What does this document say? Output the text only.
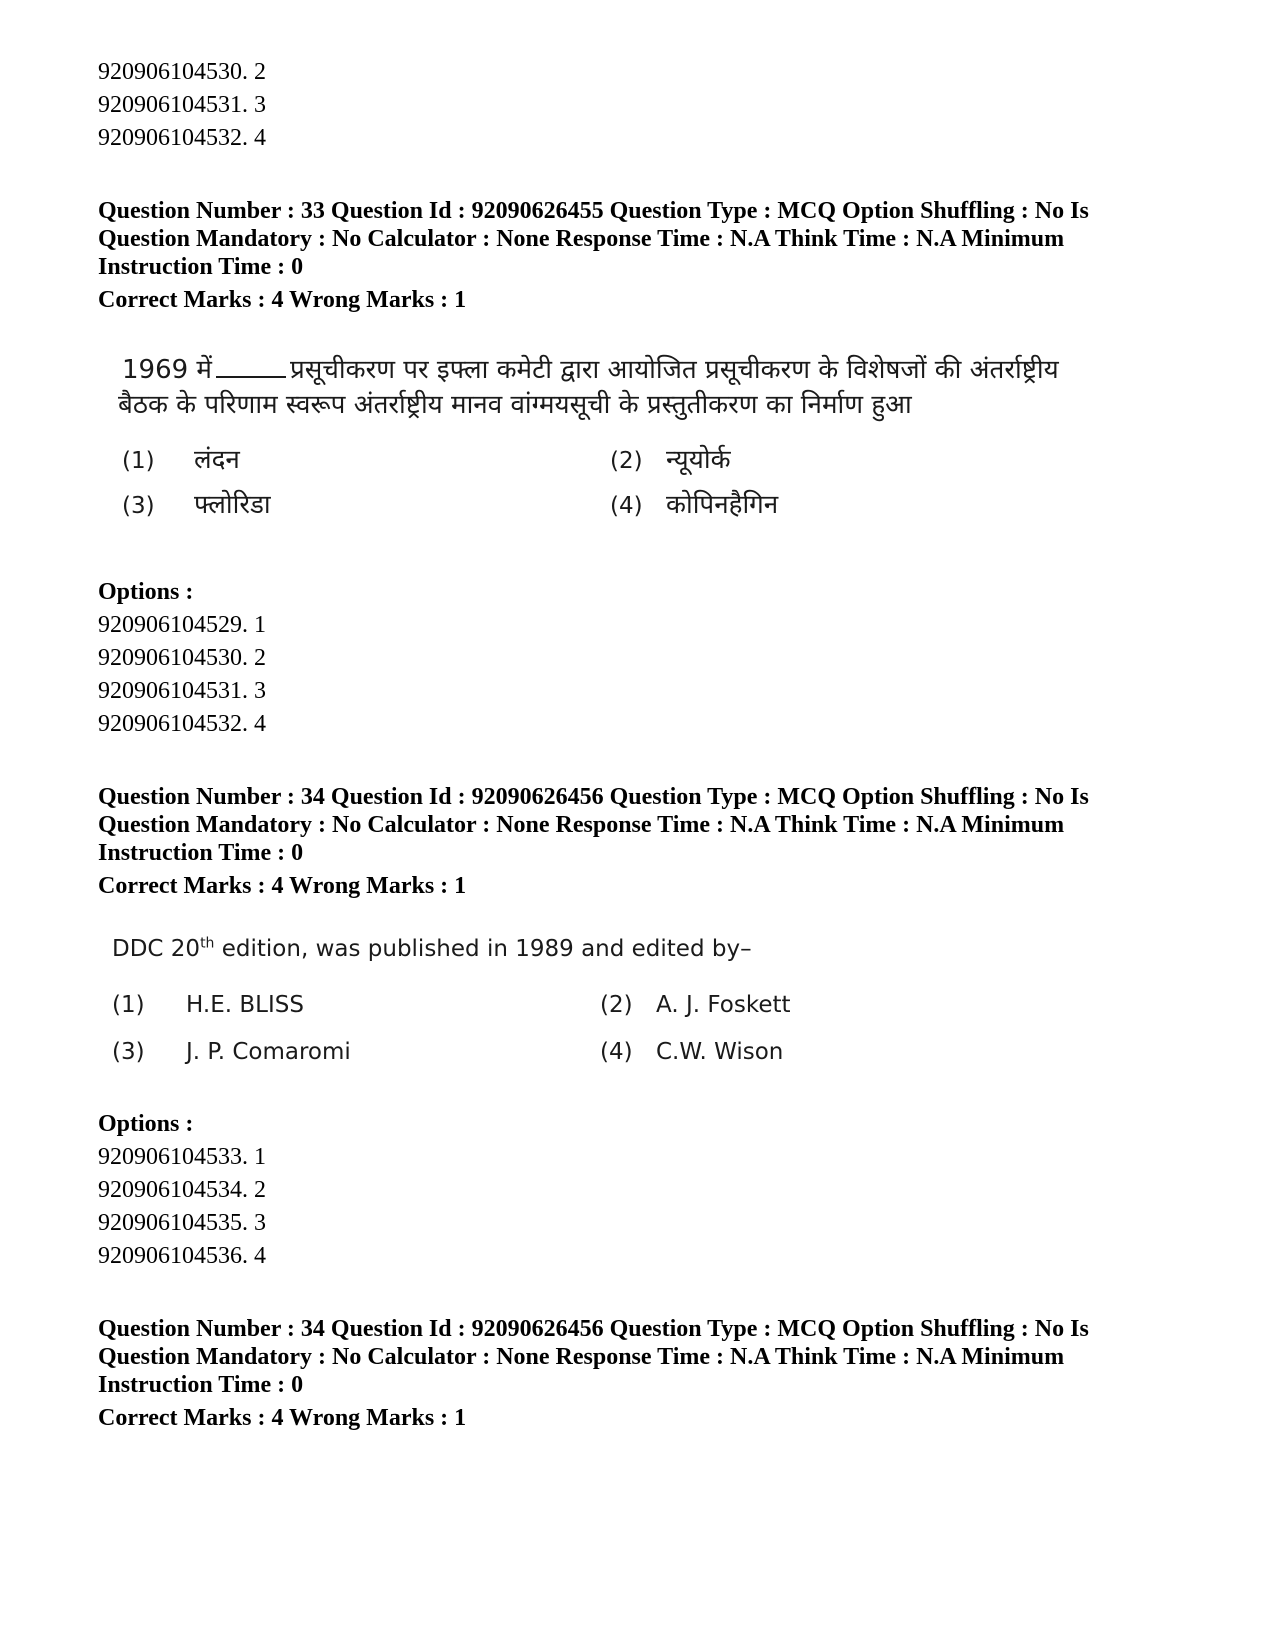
920906104530. 2
920906104531. 3
920906104532. 4
Question Number : 33 Question Id : 92090626455 Question Type : MCQ Option Shuffling : No Is
Question Mandatory : No Calculator : None Response Time : N.A Think Time : N.A Minimum
Instruction Time : 0
Correct Marks : 4 Wrong Marks : 1
1969 में	प्रसूचीकरण पर इफ्ला कमेटी द्वारा आयोजित प्रसूचीकरण के विशेषजों की अंतर्राष्ट्रीय
बैठक के परिणाम स्वरूप अंतर्राष्ट्रीय मानव वांग्मयसूची के प्रस्तुतीकरण का निर्माण हुआ
(1) लंदन	(2) न्यूयोर्क
(3) फ्लोरिडा	(4) कोपिनहैगिन
Options :
920906104529. 1
920906104530. 2
920906104531. 3
920906104532. 4
Question Number : 34 Question Id : 92090626456 Question Type : MCQ Option Shuffling : No Is
Question Mandatory : No Calculator : None Response Time : N.A Think Time : N.A Minimum
Instruction Time : 0
Correct Marks : 4 Wrong Marks : 1
DDC 20th edition, was published in 1989 and edited by–
(1) H.E. BLISS	(2) A. J. Foskett
(3) J. P. Comaromi	(4) C.W. Wison
Options :
920906104533. 1
920906104534. 2
920906104535. 3
920906104536. 4
Question Number : 34 Question Id : 92090626456 Question Type : MCQ Option Shuffling : No Is
Question Mandatory : No Calculator : None Response Time : N.A Think Time : N.A Minimum
Instruction Time : 0
Correct Marks : 4 Wrong Marks : 1
